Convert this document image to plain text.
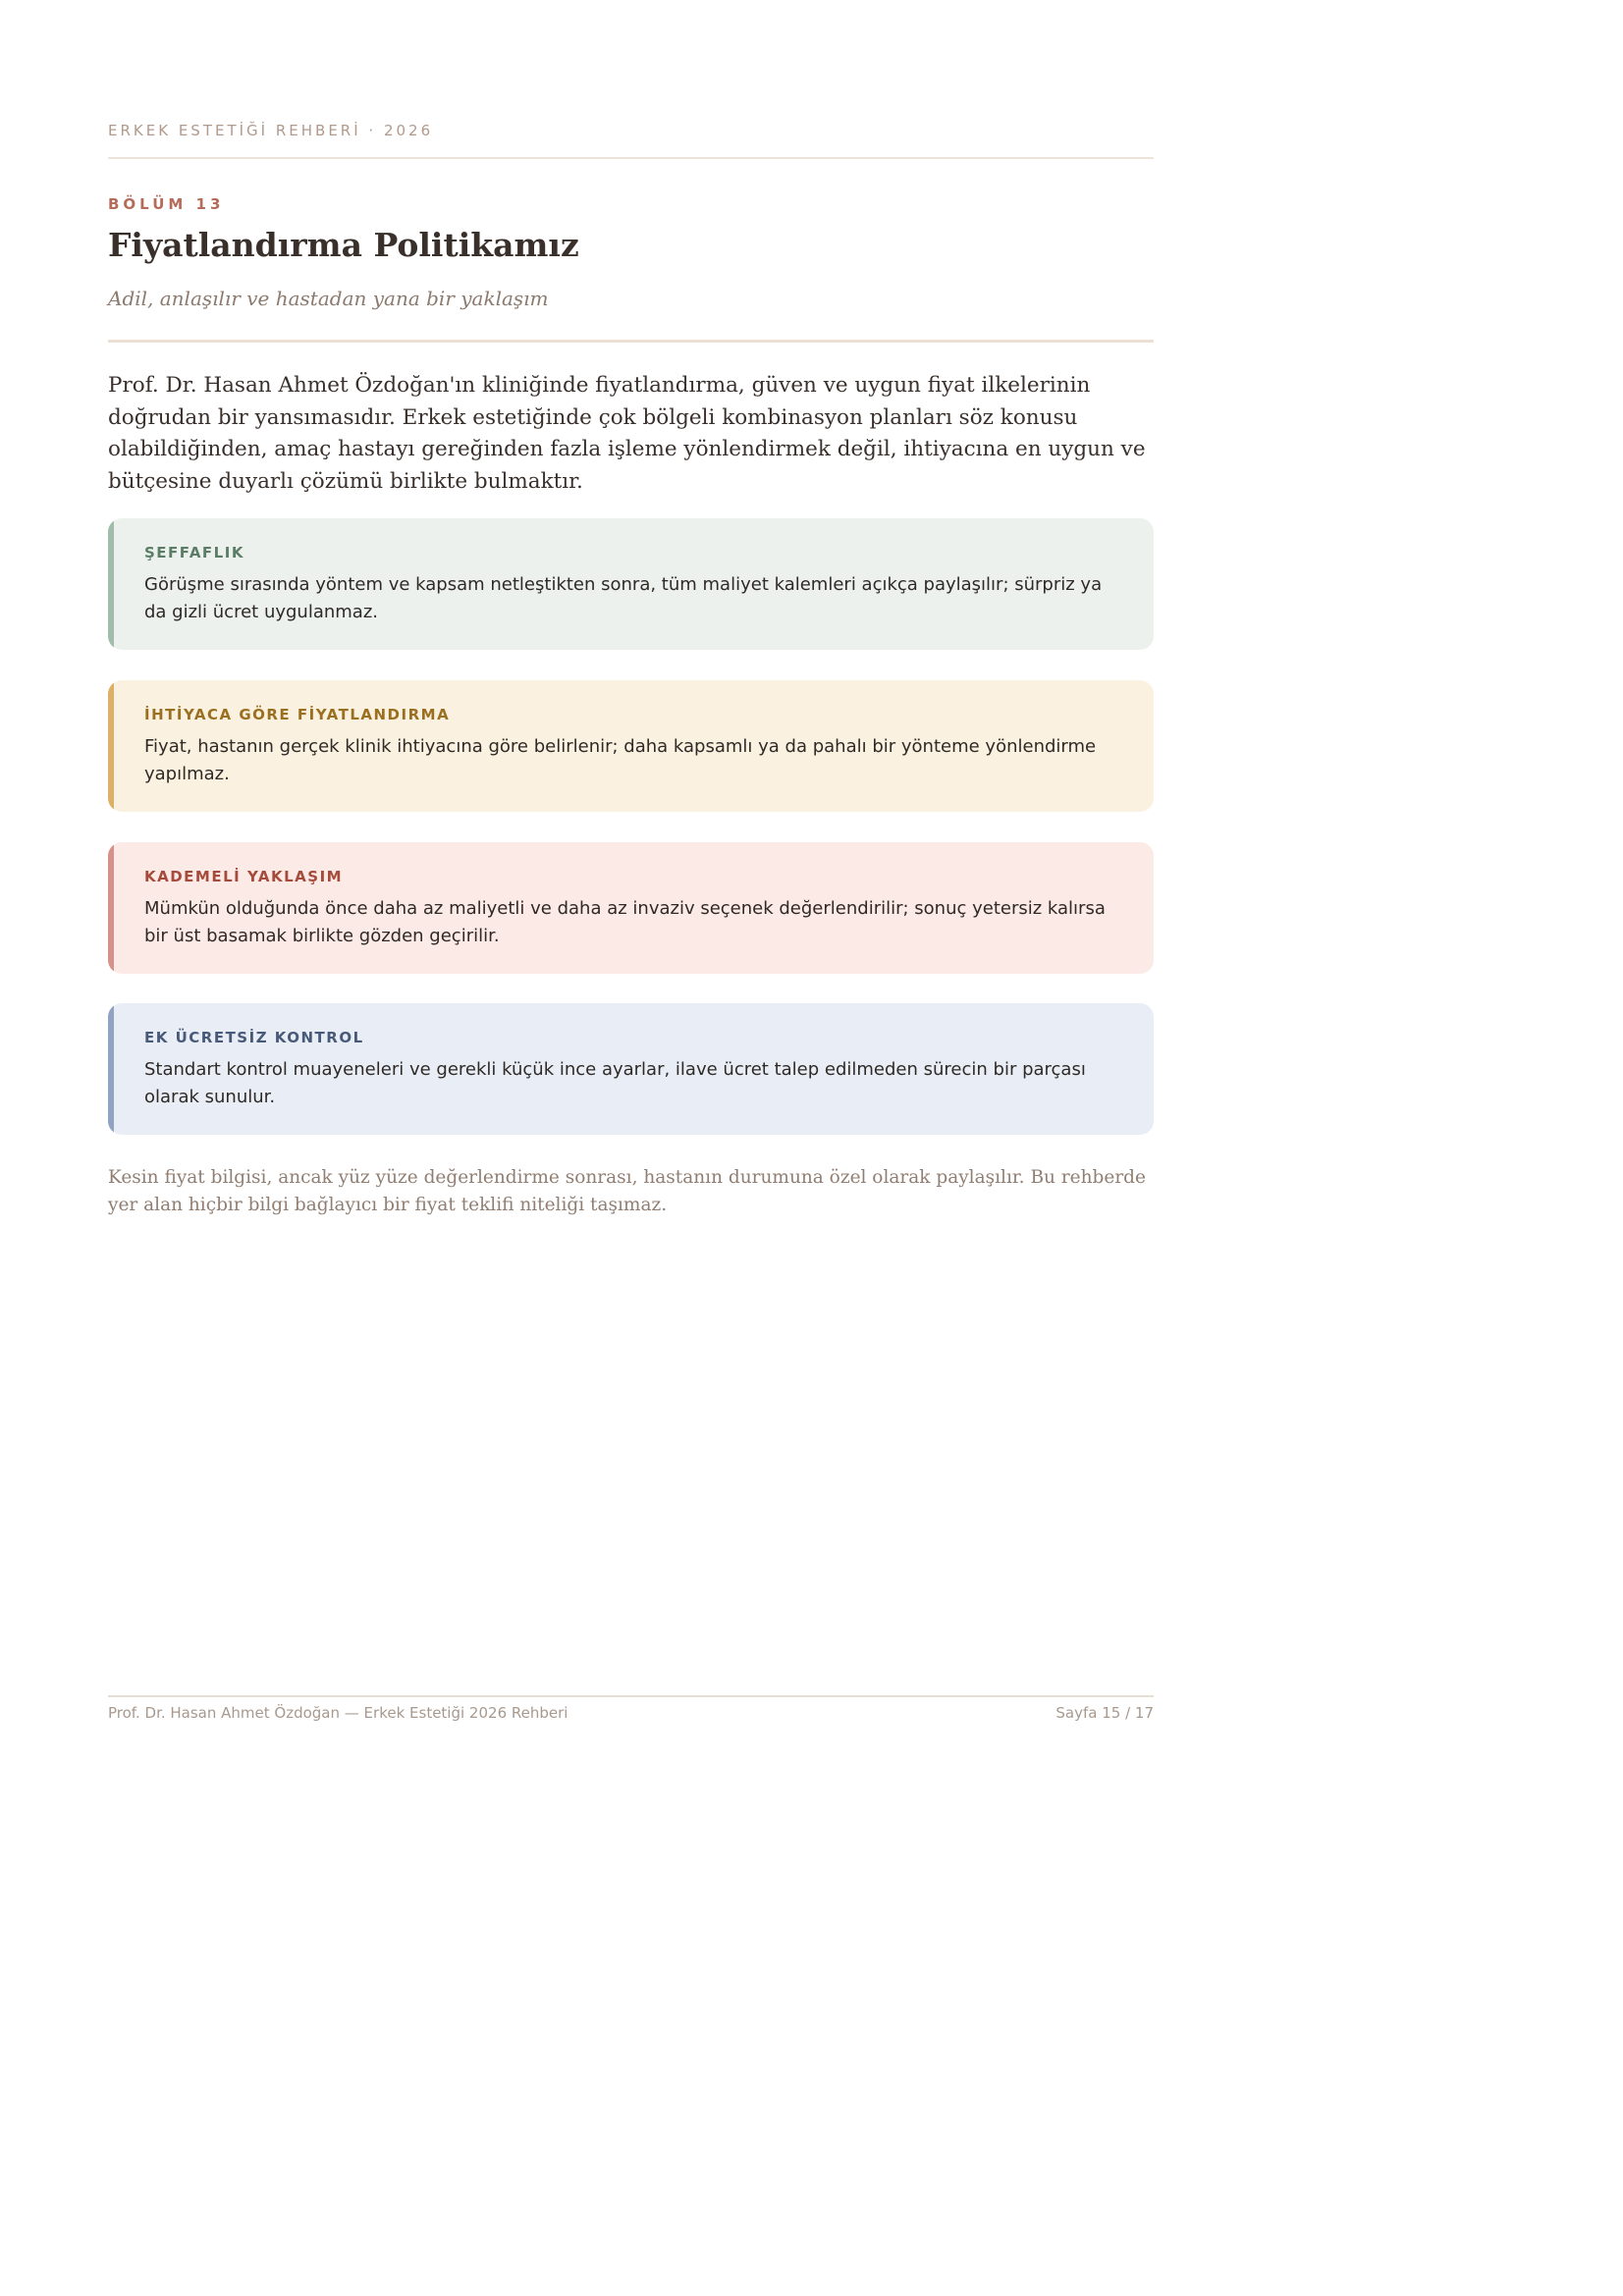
ERKEK ESTETİĞİ REHBERİ · 2026
BÖLÜM 13
Fiyatlandırma Politikamız
Adil, anlaşılır ve hastadan yana bir yaklaşım

Prof. Dr. Hasan Ahmet Özdoğan'ın kliniğinde fiyatlandırma, güven ve uygun fiyat ilkelerinin doğrudan bir yansımasıdır. Erkek estetiğinde çok bölgeli kombinasyon planları söz konusu olabildiğinden, amaç hastayı gereğinden fazla işleme yönlendirmek değil, ihtiyacına en uygun ve bütçesine duyarlı çözümü birlikte bulmaktır.

ŞEFFAFLIK
Görüşme sırasında yöntem ve kapsam netleştikten sonra, tüm maliyet kalemleri açıkça paylaşılır; sürpriz ya da gizli ücret uygulanmaz.
İHTİYACA GÖRE FİYATLANDIRMA
Fiyat, hastanın gerçek klinik ihtiyacına göre belirlenir; daha kapsamlı ya da pahalı bir yönteme yönlendirme yapılmaz.
KADEMELİ YAKLAŞIM
Mümkün olduğunda önce daha az maliyetli ve daha az invaziv seçenek değerlendirilir; sonuç yetersiz kalırsa bir üst basamak birlikte gözden geçirilir.
EK ÜCRETSİZ KONTROL
Standart kontrol muayeneleri ve gerekli küçük ince ayarlar, ilave ücret talep edilmeden sürecin bir parçası olarak sunulur.

Kesin fiyat bilgisi, ancak yüz yüze değerlendirme sonrası, hastanın durumuna özel olarak paylaşılır. Bu rehberde yer alan hiçbir bilgi bağlayıcı bir fiyat teklifi niteliği taşımaz.

Prof. Dr. Hasan Ahmet Özdoğan — Erkek Estetiği 2026 Rehberi	Sayfa 15 / 17
